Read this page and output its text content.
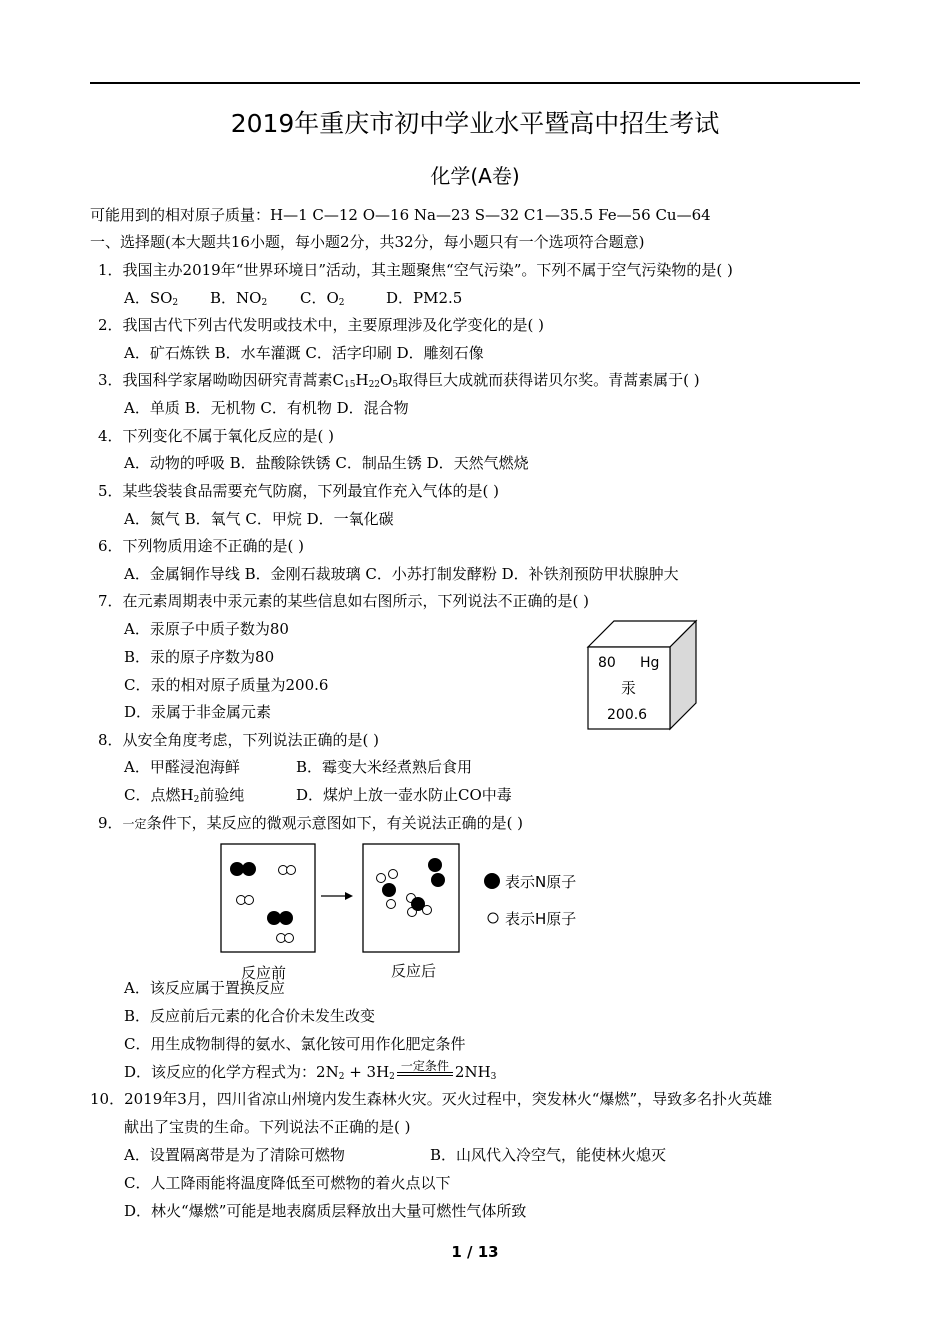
2019年重庆市初中学业水平暨高中招生考试
化学(A卷)
可能用到的相对原子质量：H—1 C—12 O—16 Na—23 S—32 C1—35.5 Fe—56 Cu—64
一、选择题(本大题共16小题，每小题2分，共32分，每小题只有一个选项符合题意)
1．我国主办2019年“世界环境日”活动，其主题聚焦“空气污染”。下列不属于空气污染物的是( )
A．$SO_2$ B．$NO_2$ C．$O_2$	D．PM2.5
2．我国古代下列古代发明或技术中，主要原理涉及化学变化的是( )
A．矿石炼铁 B．水车灌溉 C．活字印刷 D．雕刻石像
3．我国科学家屠呦呦因研究青蒿素$C_{15}H_{22}O_5$取得巨大成就而获得诺贝尔奖。青蒿素属于( )
A．单质 B．无机物 C．有机物 D．混合物
4．下列变化不属于氧化反应的是( )
A．动物的呼吸 B．盐酸除铁锈 C．制品生锈 D．天然气燃烧
5．某些袋装食品需要充气防腐，下列最宜作充入气体的是( )
A．氮气 B．氧气 C．甲烷 D．一氧化碳
6．下列物质用途不正确的是( )
A．金属铜作导线 B．金刚石裁玻璃 C．小苏打制发酵粉 D．补铁剂预防甲状腺肿大
7．在元素周期表中汞元素的某些信息如右图所示，下列说法不正确的是( )
A．汞原子中质子数为80
B．汞的原子序数为80
C．汞的相对原子质量为200.6
D．汞属于非金属元素
80 Hg
汞
200.6
8．从安全角度考虑，下列说法正确的是( )
A．甲醛浸泡海鲜	B．霉变大米经煮熟后食用
C．点燃$H_2$前验纯	D．煤炉上放一壶水防止CO中毒
9．一定条件下，某反应的微观示意图如下，有关说法正确的是( )
表示N原子
表示H原子
反应前	反应后
A．该反应属于置换反应
B．反应前后元素的化合价未发生改变
C．用生成物制得的氨水、氯化铵可用作化肥定条件
D．该反应的化学方程式为：$2N_2 + 3H_2$
一定条件 $2NH_3$
10．2019年3月，四川省凉山州境内发生森林火灾。灭火过程中，突发林火“爆燃”，导致多名扑火英雄
献出了宝贵的生命。下列说法不正确的是( )
A．设置隔离带是为了清除可燃物	B．山风代入冷空气，能使林火熄灭
C．人工降雨能将温度降低至可燃物的着火点以下
D．林火“爆燃”可能是地表腐质层释放出大量可燃性气体所致
1 / 13
